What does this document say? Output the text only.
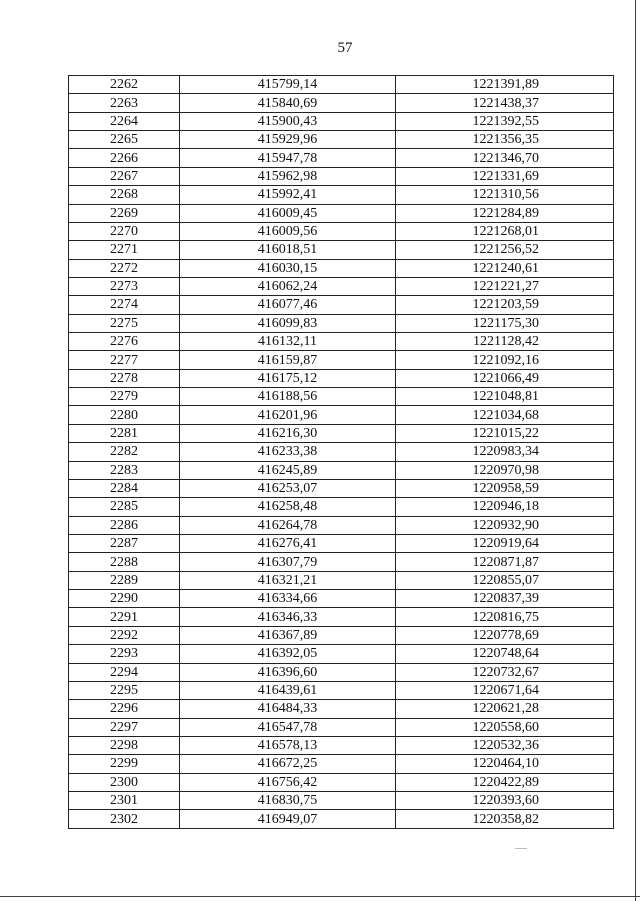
57
2262	415799,14	1221391,89
2263	415840,69	1221438,37
2264	415900,43	1221392,55
2265	415929,96	1221356,35
2266	415947,78	1221346,70
2267	415962,98	1221331,69
2268	415992,41	1221310,56
2269	416009,45	1221284,89
2270	416009,56	1221268,01
2271	416018,51	1221256,52
2272	416030,15	1221240,61
2273	416062,24	1221221,27
2274	416077,46	1221203,59
2275	416099,83	1221175,30
2276	416132,11	1221128,42
2277	416159,87	1221092,16
2278	416175,12	1221066,49
2279	416188,56	1221048,81
2280	416201,96	1221034,68
2281	416216,30	1221015,22
2282	416233,38	1220983,34
2283	416245,89	1220970,98
2284	416253,07	1220958,59
2285	416258,48	1220946,18
2286	416264,78	1220932,90
2287	416276,41	1220919,64
2288	416307,79	1220871,87
2289	416321,21	1220855,07
2290	416334,66	1220837,39
2291	416346,33	1220816,75
2292	416367,89	1220778,69
2293	416392,05	1220748,64
2294	416396,60	1220732,67
2295	416439,61	1220671,64
2296	416484,33	1220621,28
2297	416547,78	1220558,60
2298	416578,13	1220532,36
2299	416672,25	1220464,10
2300	416756,42	1220422,89
2301	416830,75	1220393,60
2302	416949,07	1220358,82
